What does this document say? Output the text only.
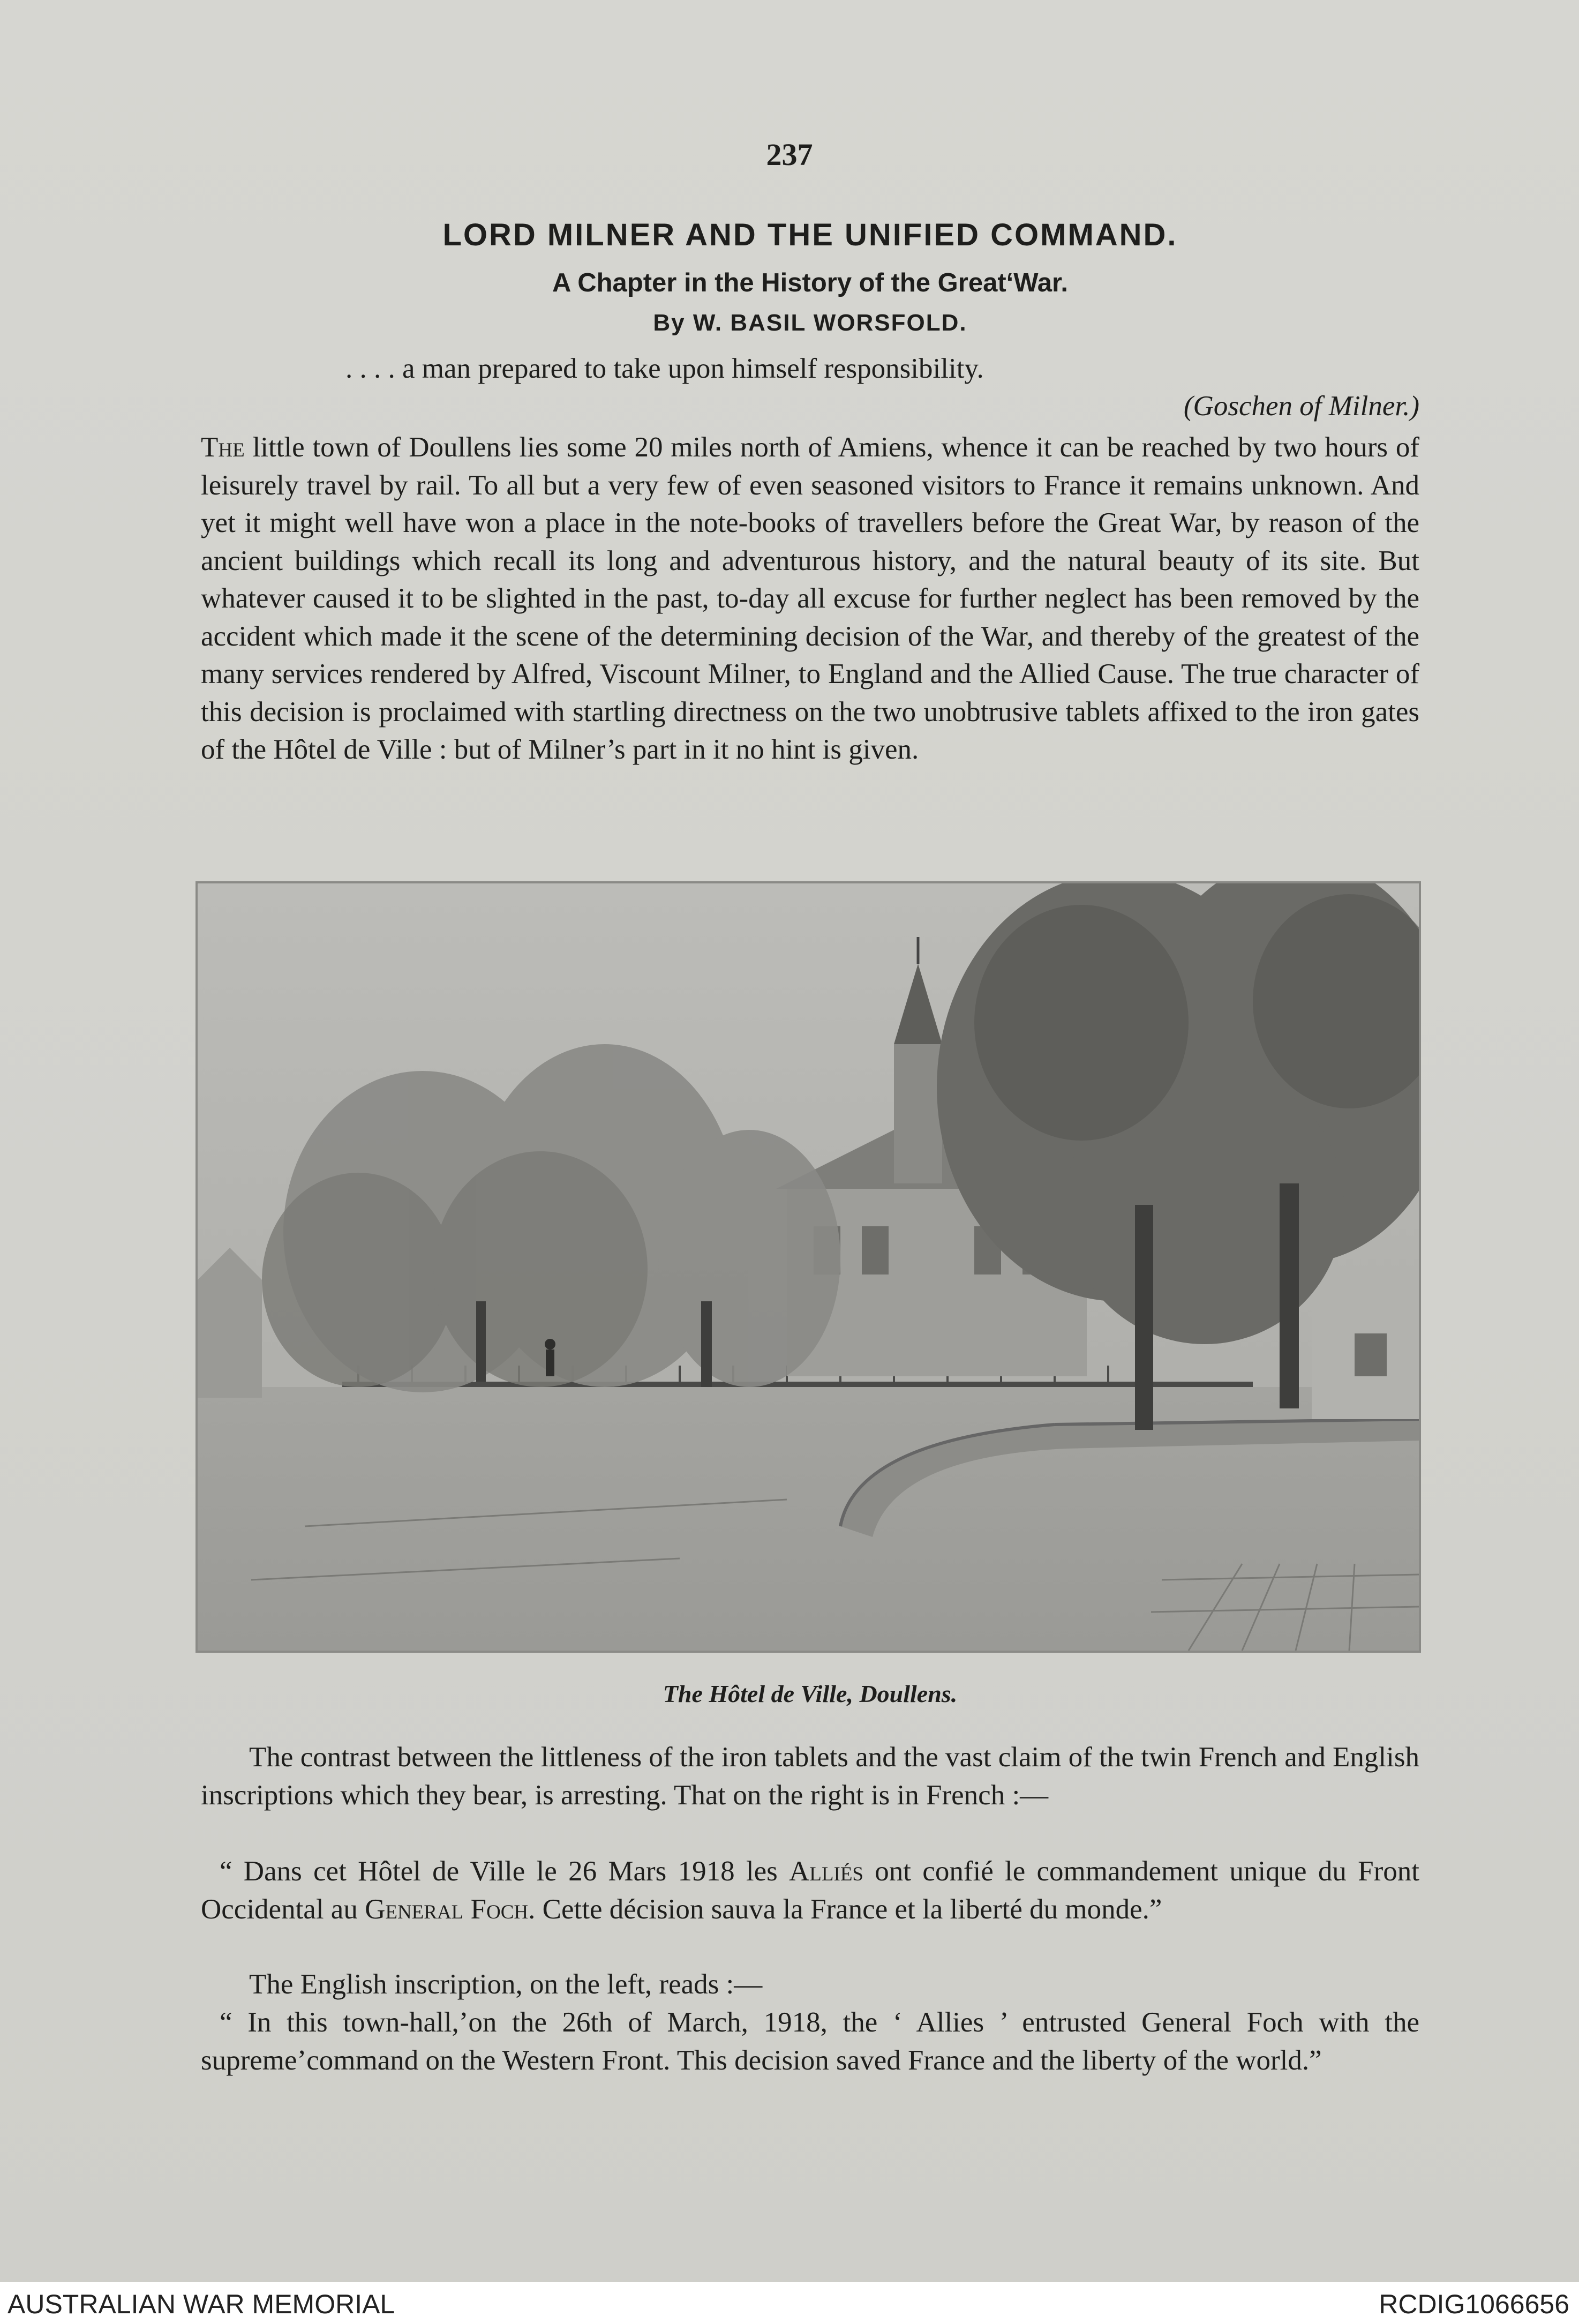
237
LORD MILNER AND THE UNIFIED COMMAND.
A Chapter in the History of the GreatʻWar.
By W. BASIL WORSFOLD.
. . . . a man prepared to take upon himself responsibility.
(Goschen of Milner.)

The little town of Doullens lies some 20 miles north of Amiens, whence it can be reached by two hours of leisurely travel by rail. To all but a very few of even seasoned visitors to France it remains unknown. And yet it might well have won a place in the note-books of travellers before the Great War, by reason of the ancient buildings which recall its long and adventurous history, and the natural beauty of its site. But whatever caused it to be slighted in the past, to-day all excuse for further neglect has been removed by the accident which made it the scene of the determining decision of the War, and thereby of the greatest of the many services rendered by Alfred, Viscount Milner, to England and the Allied Cause. The true character of this decision is proclaimed with startling directness on the two unobtrusive tablets affixed to the iron gates of the Hôtel de Ville : but of Milner’s part in it no hint is given.

The Hôtel de Ville, Doullens.

The contrast between the littleness of the iron tablets and the vast claim of the twin French and English inscriptions which they bear, is arresting. That on the right is in French :—

“ Dans cet Hôtel de Ville le 26 Mars 1918 les Alliés ont confié le commandement unique du Front Occidental au General Foch. Cette décision sauva la France et la liberté du monde.”

The English inscription, on the left, reads :—

“ In this town-hall,’on the 26th of March, 1918, the ‘ Allies ’ entrusted General Foch with the supreme’command on the Western Front. This decision saved France and the liberty of the world.”

AUSTRALIAN WAR MEMORIAL	RCDIG1066656
